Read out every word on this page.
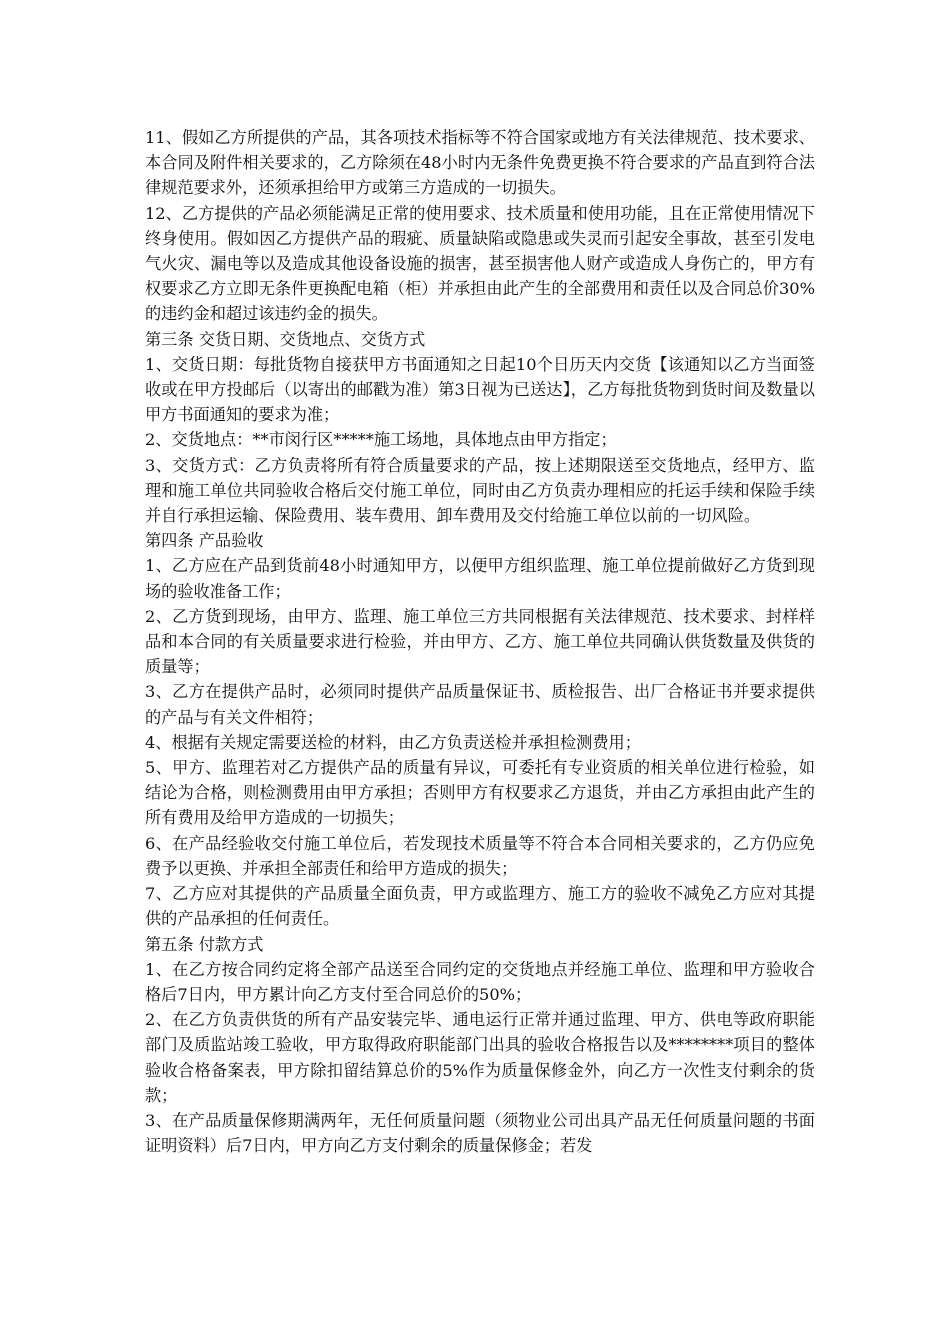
11、假如乙方所提供的产品，其各项技术指标等不符合国家或地方有关法律规范、技术要求、本合同及附件相关要求的，乙方除须在48小时内无条件免费更换不符合要求的产品直到符合法律规范要求外，还须承担给甲方或第三方造成的一切损失。

12、乙方提供的产品必须能满足正常的使用要求、技术质量和使用功能，且在正常使用情况下终身使用。假如因乙方提供产品的瑕疵、质量缺陷或隐患或失灵而引起安全事故，甚至引发电气火灾、漏电等以及造成其他设备设施的损害，甚至损害他人财产或造成人身伤亡的，甲方有权要求乙方立即无条件更换配电箱（柜）并承担由此产生的全部费用和责任以及合同总价30%的违约金和超过该违约金的损失。

第三条 交货日期、交货地点、交货方式

1、交货日期：每批货物自接获甲方书面通知之日起10个日历天内交货【该通知以乙方当面签收或在甲方投邮后（以寄出的邮戳为准）第3日视为已送达】，乙方每批货物到货时间及数量以甲方书面通知的要求为准；

2、交货地点：**市闵行区*****施工场地，具体地点由甲方指定；

3、交货方式：乙方负责将所有符合质量要求的产品，按上述期限送至交货地点，经甲方、监理和施工单位共同验收合格后交付施工单位，同时由乙方负责办理相应的托运手续和保险手续并自行承担运输、保险费用、装车费用、卸车费用及交付给施工单位以前的一切风险。

第四条 产品验收

1、乙方应在产品到货前48小时通知甲方，以便甲方组织监理、施工单位提前做好乙方货到现场的验收准备工作；

2、乙方货到现场，由甲方、监理、施工单位三方共同根据有关法律规范、技术要求、封样样品和本合同的有关质量要求进行检验，并由甲方、乙方、施工单位共同确认供货数量及供货的质量等；

3、乙方在提供产品时，必须同时提供产品质量保证书、质检报告、出厂合格证书并要求提供的产品与有关文件相符；

4、根据有关规定需要送检的材料，由乙方负责送检并承担检测费用；

5、甲方、监理若对乙方提供产品的质量有异议，可委托有专业资质的相关单位进行检验，如结论为合格，则检测费用由甲方承担；否则甲方有权要求乙方退货，并由乙方承担由此产生的所有费用及给甲方造成的一切损失；

6、在产品经验收交付施工单位后，若发现技术质量等不符合本合同相关要求的，乙方仍应免费予以更换、并承担全部责任和给甲方造成的损失；

7、乙方应对其提供的产品质量全面负责，甲方或监理方、施工方的验收不减免乙方应对其提供的产品承担的任何责任。

第五条 付款方式

1、在乙方按合同约定将全部产品送至合同约定的交货地点并经施工单位、监理和甲方验收合格后7日内，甲方累计向乙方支付至合同总价的50%；

2、在乙方负责供货的所有产品安装完毕、通电运行正常并通过监理、甲方、供电等政府职能部门及质监站竣工验收，甲方取得政府职能部门出具的验收合格报告以及********项目的整体验收合格备案表，甲方除扣留结算总价的5%作为质量保修金外，向乙方一次性支付剩余的货款；

3、在产品质量保修期满两年，无任何质量问题（须物业公司出具产品无任何质量问题的书面证明资料）后7日内，甲方向乙方支付剩余的质量保修金；若发
